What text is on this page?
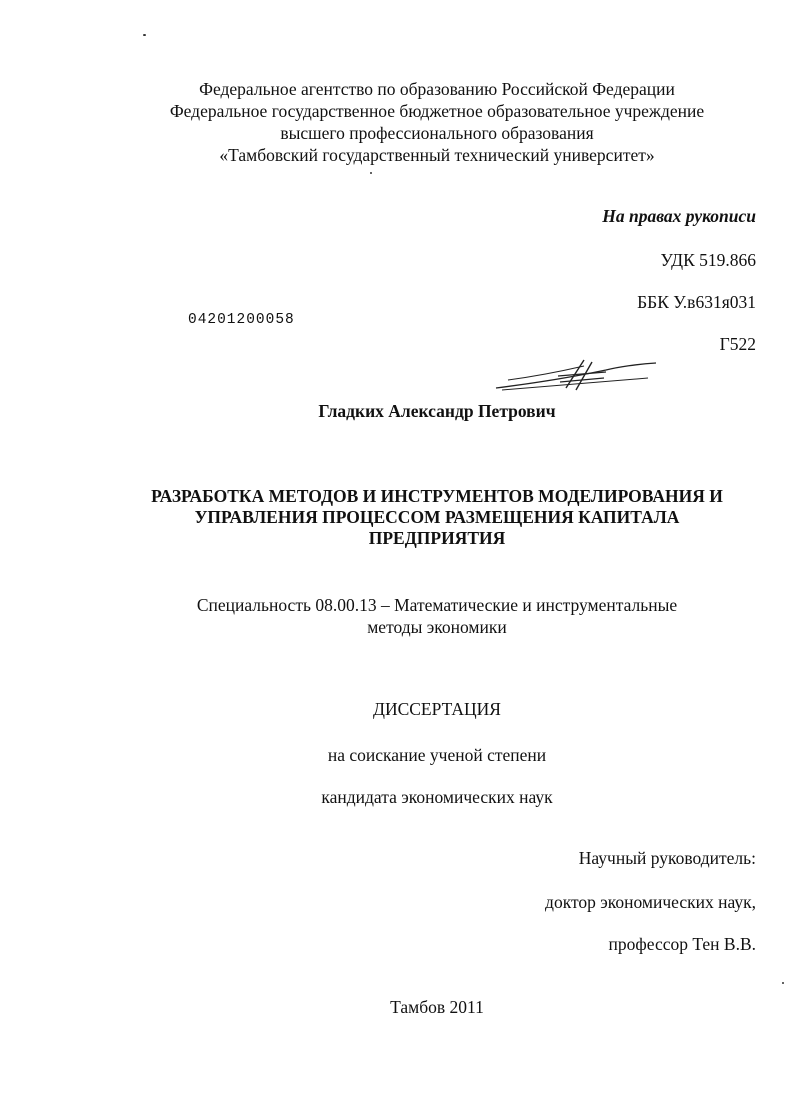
Федеральное агентство по образованию Российской Федерации
Федеральное государственное бюджетное образовательное учреждение
высшего профессионального образования
«Тамбовский государственный технический университет»
На правах рукописи
УДК 519.866
ББК У.в631я031
Г522
04201200058
Гладких Александр Петрович
РАЗРАБОТКА МЕТОДОВ И ИНСТРУМЕНТОВ МОДЕЛИРОВАНИЯ И
УПРАВЛЕНИЯ ПРОЦЕССОМ РАЗМЕЩЕНИЯ КАПИТАЛА
ПРЕДПРИЯТИЯ
Специальность 08.00.13 – Математические и инструментальные
методы экономики
ДИССЕРТАЦИЯ
на соискание ученой степени
кандидата экономических наук
Научный руководитель:
доктор экономических наук,
профессор Тен В.В.
Тамбов 2011
